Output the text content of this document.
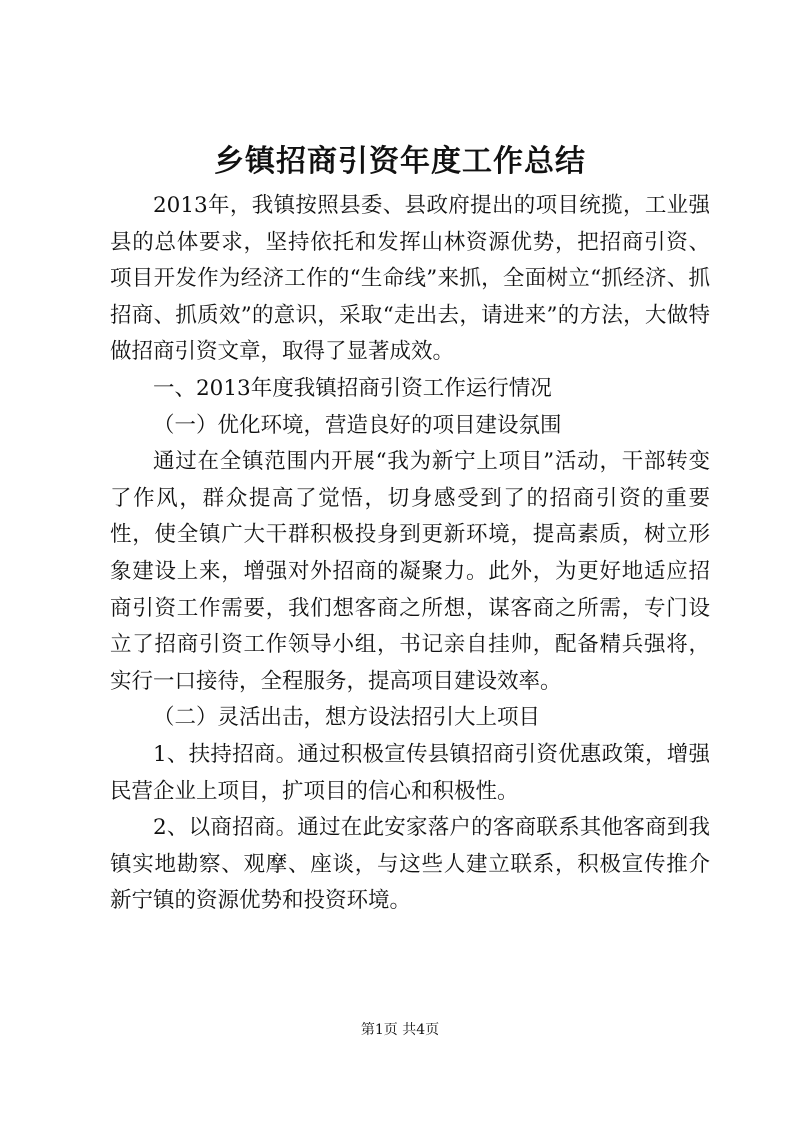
乡镇招商引资年度工作总结

2013年，我镇按照县委、县政府提出的项目统揽，工业强县的总体要求，坚持依托和发挥山林资源优势，把招商引资、项目开发作为经济工作的“生命线”来抓，全面树立“抓经济、抓招商、抓质效”的意识，采取“走出去，请进来”的方法，大做特做招商引资文章，取得了显著成效。

一、2013年度我镇招商引资工作运行情况

（一）优化环境，营造良好的项目建设氛围

通过在全镇范围内开展“我为新宁上项目”活动，干部转变了作风，群众提高了觉悟，切身感受到了的招商引资的重要性，使全镇广大干群积极投身到更新环境，提高素质，树立形象建设上来，增强对外招商的凝聚力。此外，为更好地适应招商引资工作需要，我们想客商之所想，谋客商之所需，专门设立了招商引资工作领导小组，书记亲自挂帅，配备精兵强将，实行一口接待，全程服务，提高项目建设效率。

（二）灵活出击，想方设法招引大上项目

1、扶持招商。通过积极宣传县镇招商引资优惠政策，增强民营企业上项目，扩项目的信心和积极性。

2、以商招商。通过在此安家落户的客商联系其他客商到我镇实地勘察、观摩、座谈，与这些人建立联系，积极宣传推介新宁镇的资源优势和投资环境。

第1页 共4页
